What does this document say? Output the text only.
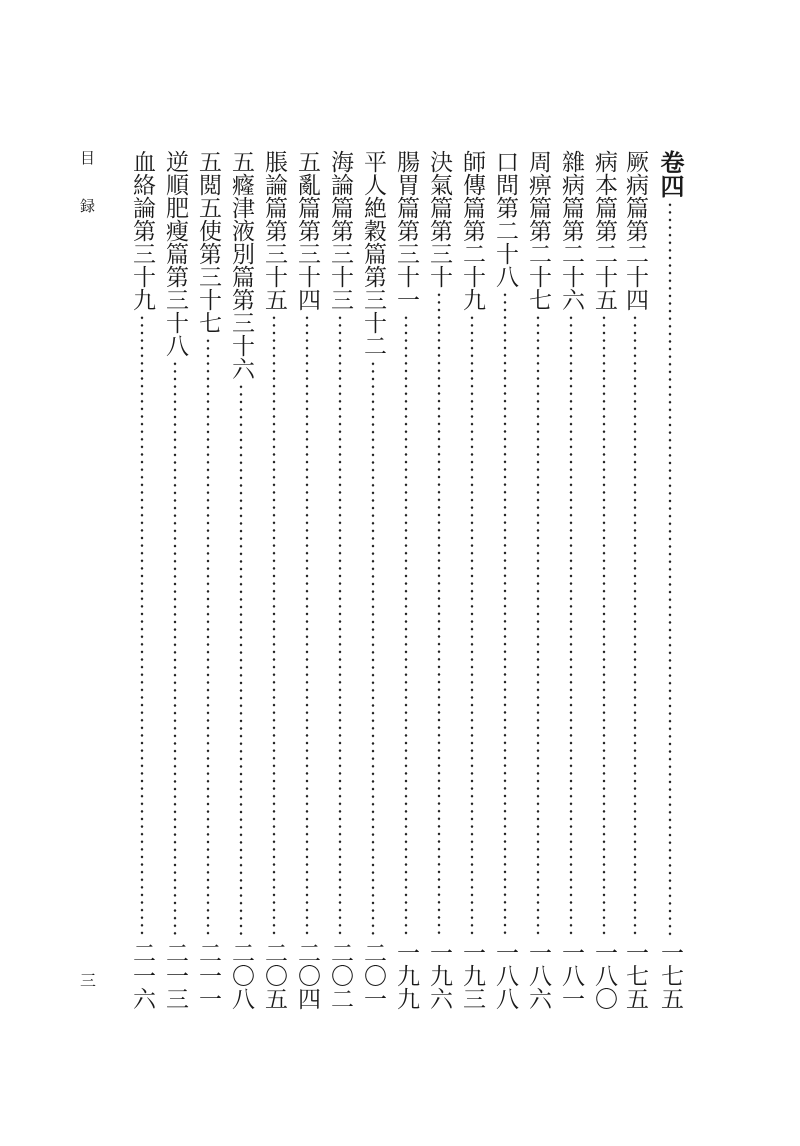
目 録	卷四
一七五
厥病篇第二十四
一七五
病本篇第二十五
一八〇
雜病篇第二十六
一八一
周痹篇第二十七
一八六
口問第二十八
一八八
師傳篇第二十九
一九三
決氣篇第三十
一九六
腸胃篇第三十一
一九九
平人絶穀篇第三十二
二〇一
海論篇第三十三
二〇二
五亂篇第三十四
二〇四
脹論篇第三十五
二〇五
五癃津液別篇第三十六
二〇八
五閲五使第三十七
二一一
逆順肥瘦篇第三十八
二一三
血絡論第三十九
二一六
三
